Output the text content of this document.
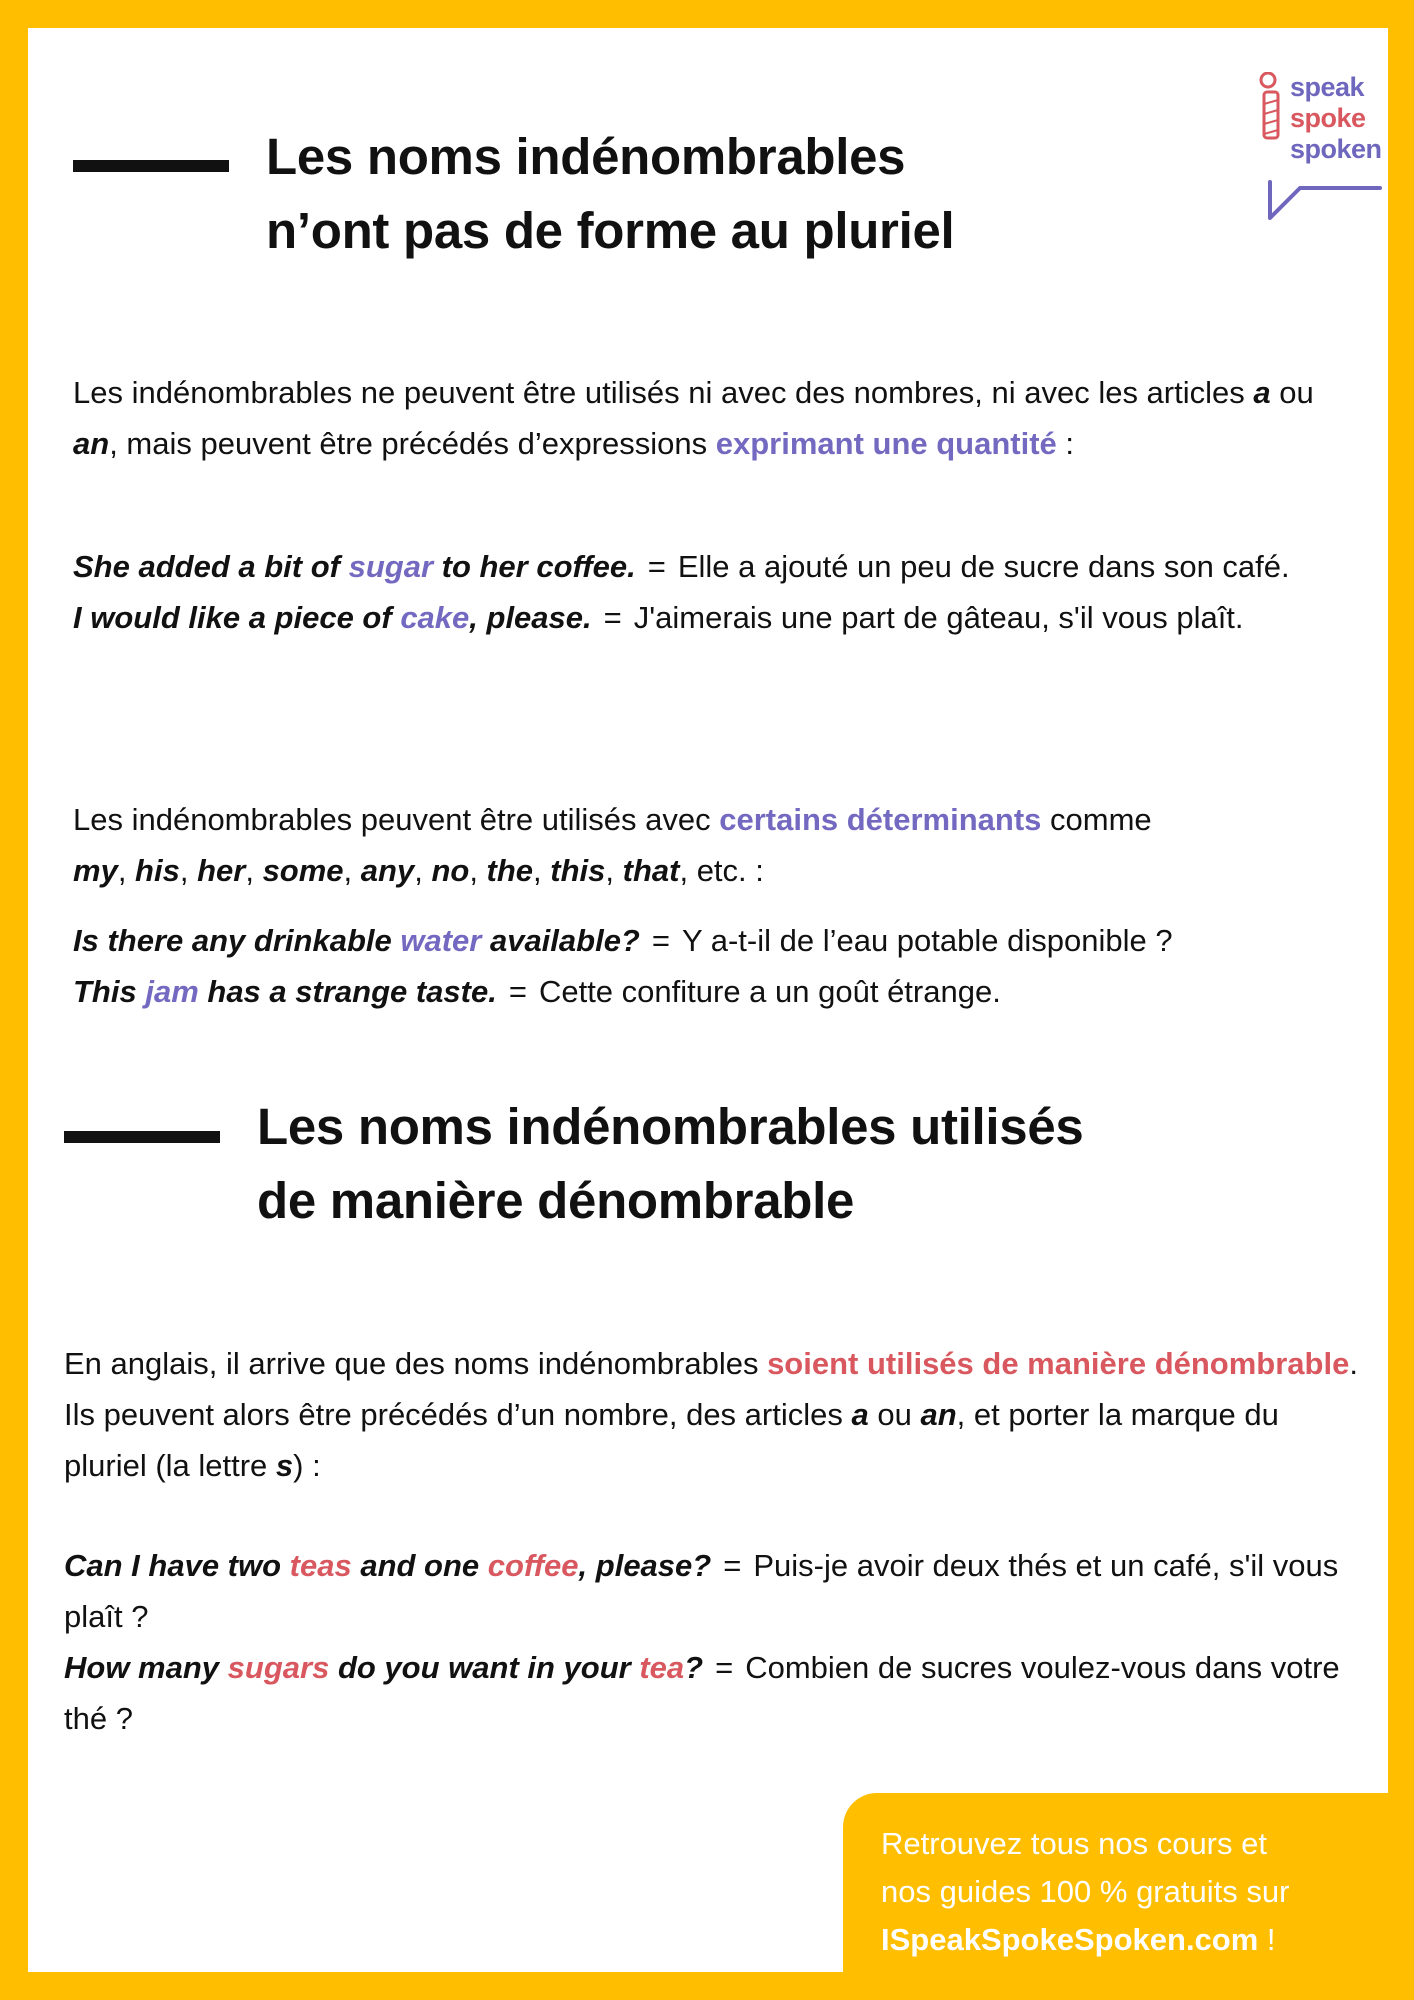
speak
spoke
spoken
Les noms indénombrables
n’ont pas de forme au pluriel

Les indénombrables ne peuvent être utilisés ni avec des nombres, ni avec les articles a ou an, mais peuvent être précédés d’expressions exprimant une quantité :

She added a bit of sugar to her coffee. = Elle a ajouté un peu de sucre dans son café.
I would like a piece of cake, please. = J'aimerais une part de gâteau, s'il vous plaît.

Les indénombrables peuvent être utilisés avec certains déterminants comme
my, his, her, some, any, no, the, this, that, etc. :

Is there any drinkable water available? = Y a-t-il de l’eau potable disponible ?
This jam has a strange taste. = Cette confiture a un goût étrange.

Les noms indénombrables utilisés
de manière dénombrable

En anglais, il arrive que des noms indénombrables soient utilisés de manière dénombrable. Ils peuvent alors être précédés d’un nombre, des articles a ou an, et porter la marque du pluriel (la lettre s) :

Can I have two teas and one coffee, please? = Puis-je avoir deux thés et un café, s'il vous plaît ?
How many sugars do you want in your tea? = Combien de sucres voulez-vous dans votre thé ?

Retrouvez tous nos cours et
nos guides 100 % gratuits sur
ISpeakSpokeSpoken.com !
